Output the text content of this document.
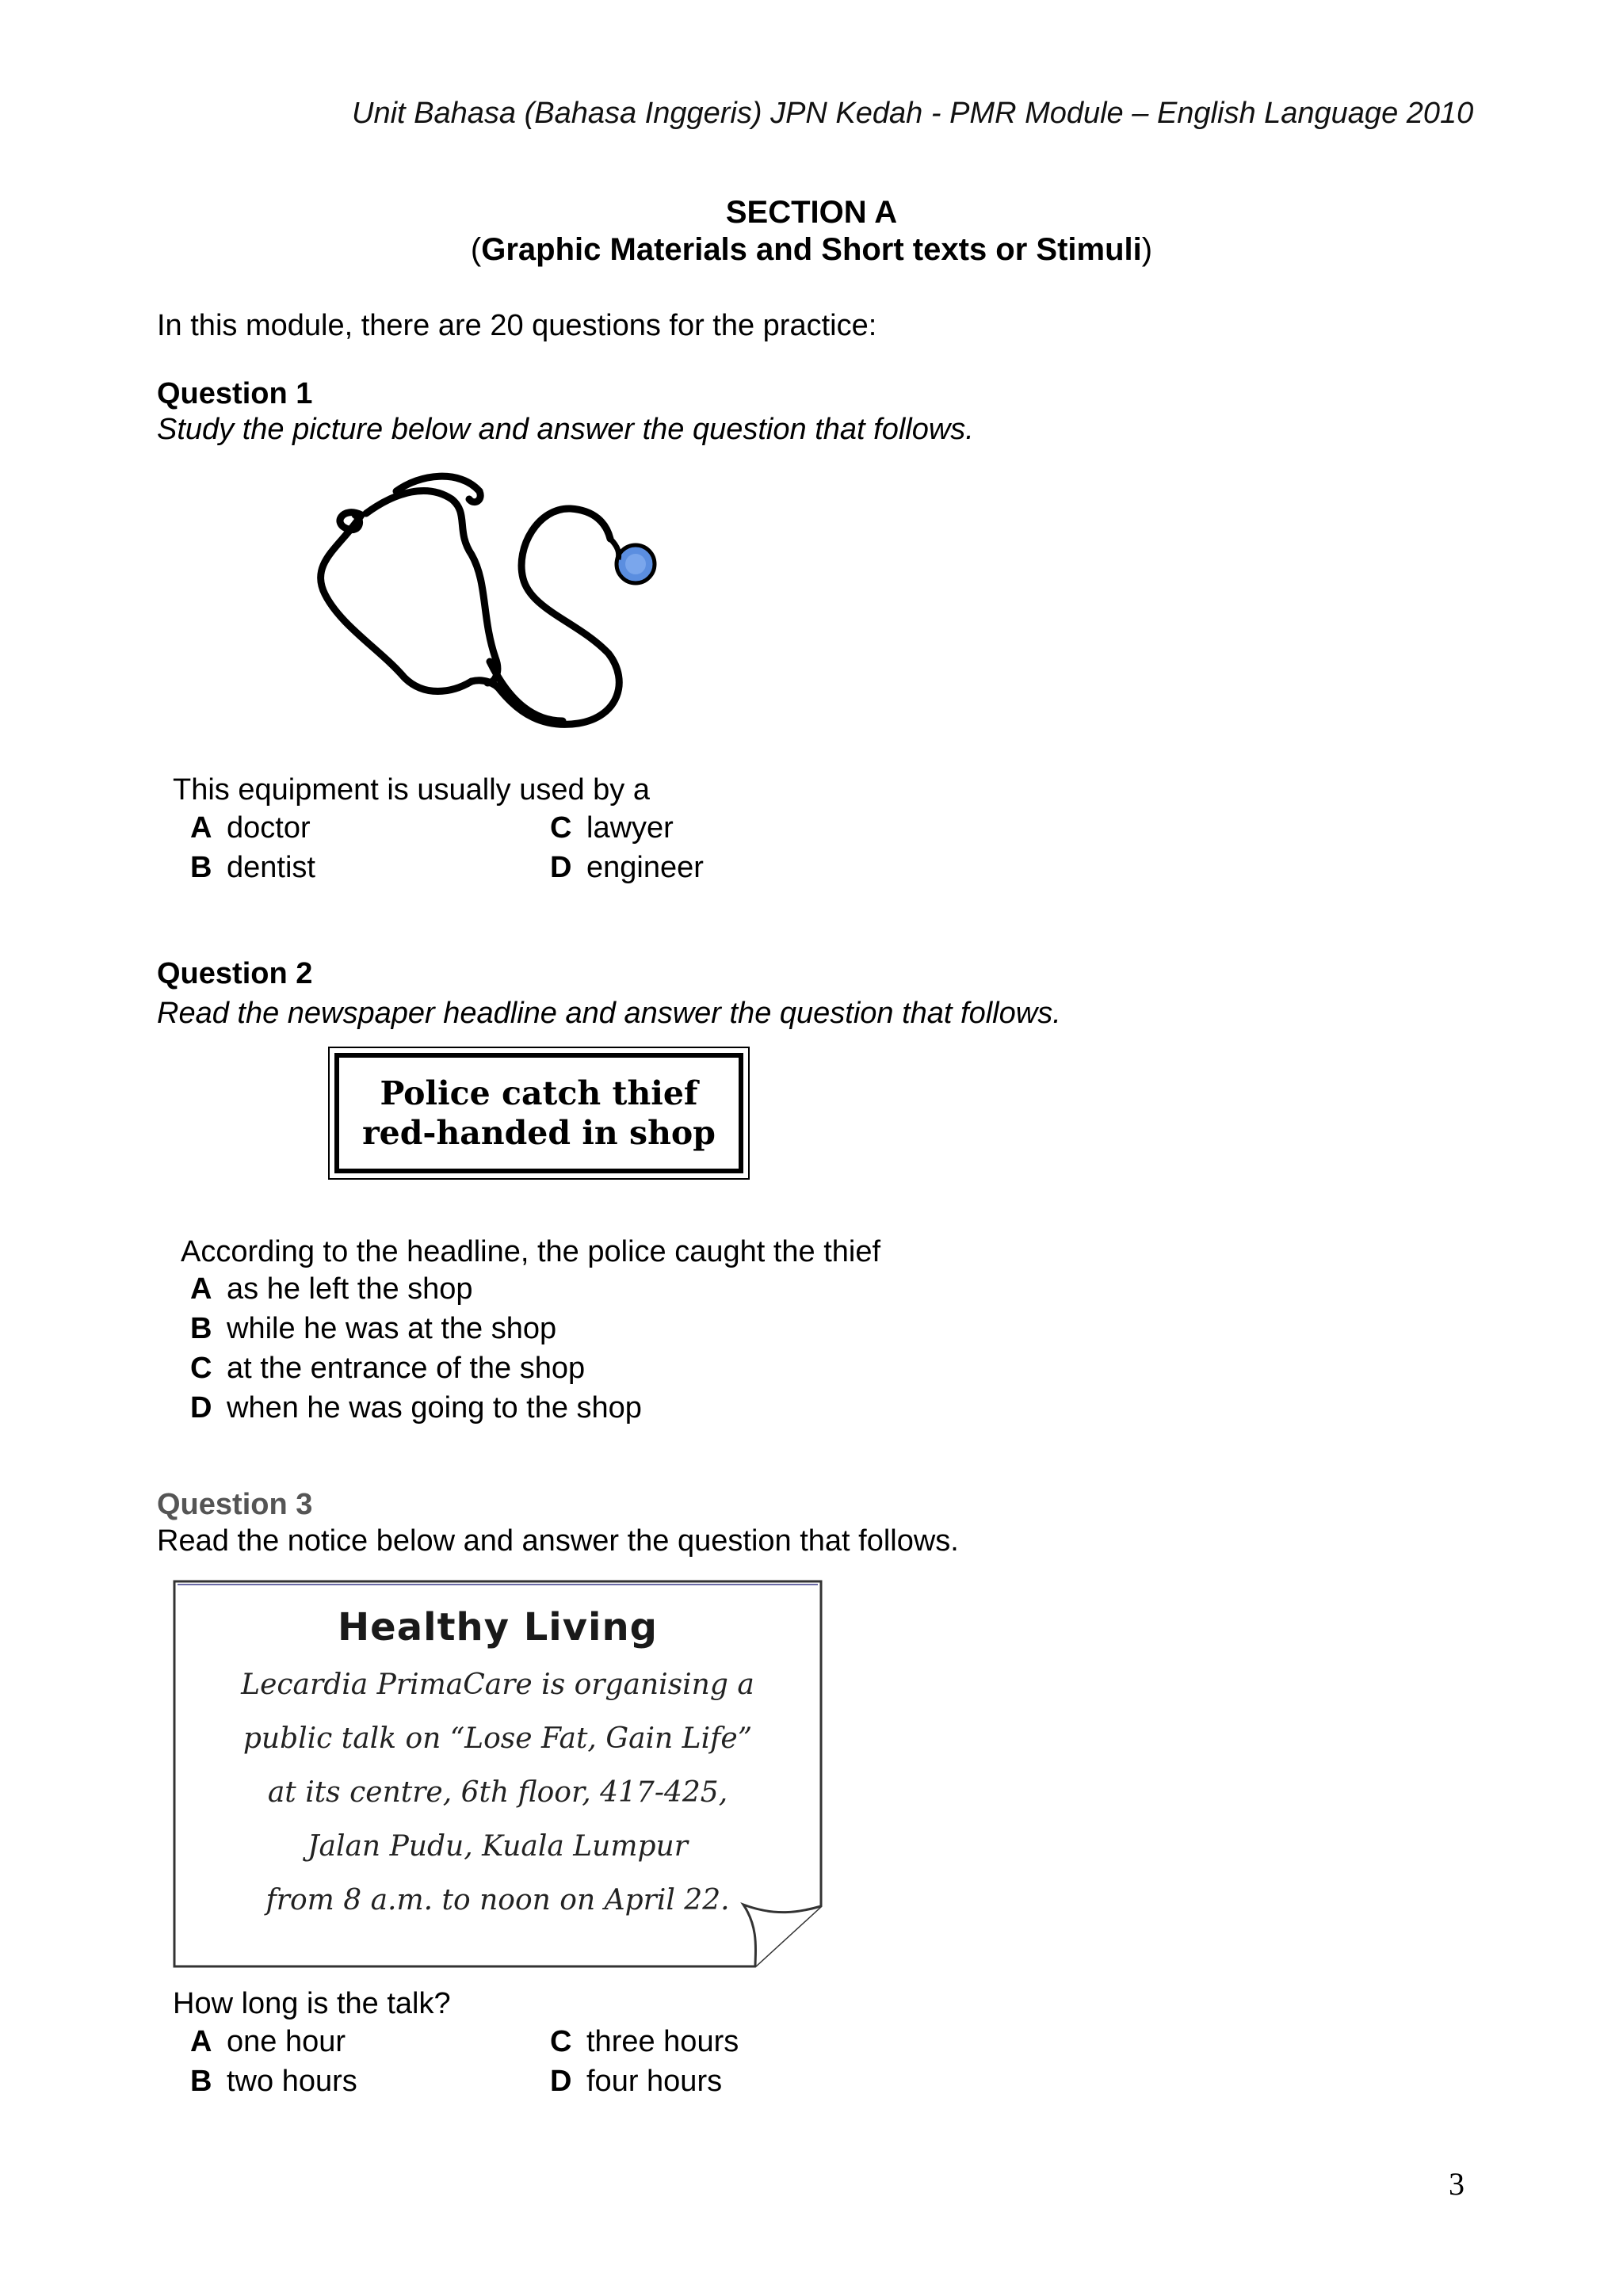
Unit Bahasa (Bahasa Inggeris) JPN Kedah - PMR Module – English Language 2010
SECTION A
(Graphic Materials and Short texts or Stimuli)
In this module, there are 20 questions for the practice:
Question 1
Study the picture below and answer the question that follows.
This equipment is usually used by a
A doctor
B dentist
C lawyer
D engineer
Question 2
Read the newspaper headline and answer the question that follows.
Police catch thief
red-handed in shop
According to the headline, the police caught the thief
A as he left the shop
B while he was at the shop
C at the entrance of the shop
D when he was going to the shop
Question 3
Read the notice below and answer the question that follows.
Healthy Living
Lecardia PrimaCare is organising a
public talk on “Lose Fat, Gain Life”
at its centre, 6th floor, 417-425,
Jalan Pudu, Kuala Lumpur
from 8 a.m. to noon on April 22.
How long is the talk?
A one hour
B two hours
C three hours
D four hours
3
